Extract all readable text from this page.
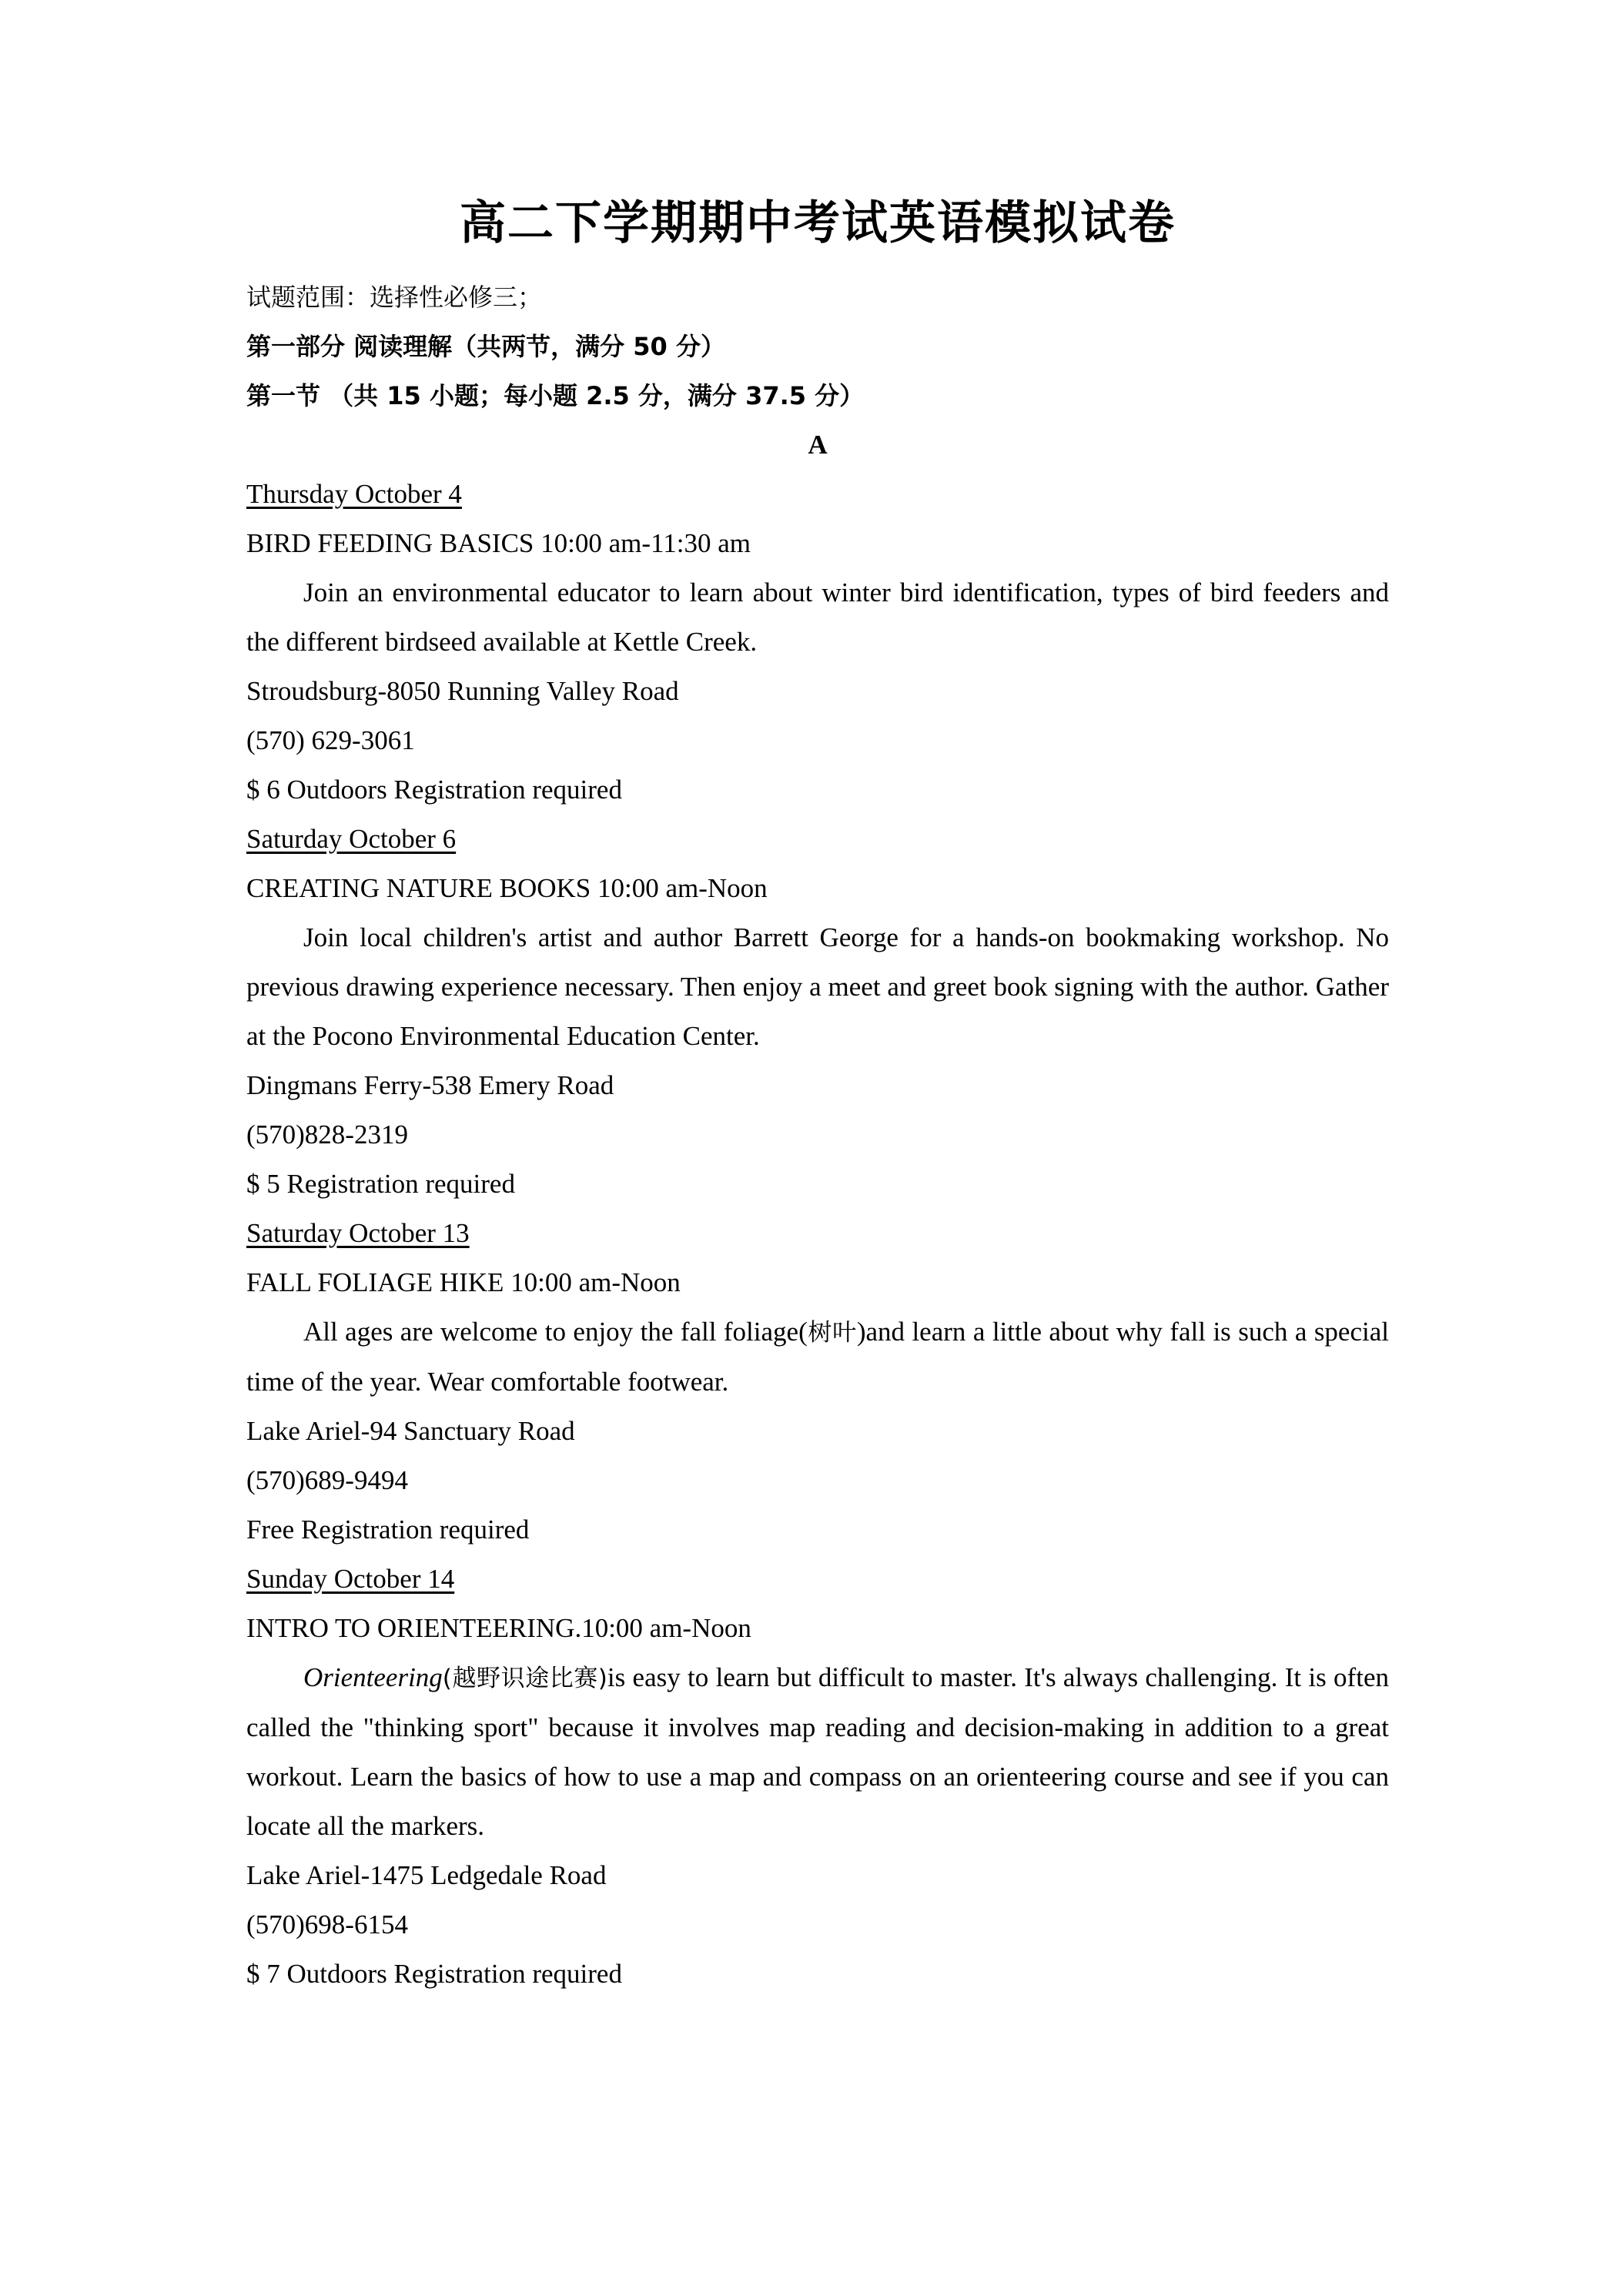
高二下学期期中考试英语模拟试卷

试题范围：选择性必修三；

第一部分 阅读理解（共两节，满分 50 分）

第一节 （共 15 小题；每小题 2.5 分，满分 37.5 分）

A

Thursday October 4

BIRD FEEDING BASICS 10:00 am-11:30 am

Join an environmental educator to learn about winter bird identification, types of bird feeders and the different birdseed available at Kettle Creek.

Stroudsburg-8050 Running Valley Road

(570) 629-3061

$ 6 Outdoors Registration required

Saturday October 6

CREATING NATURE BOOKS 10:00 am-Noon

Join local children's artist and author Barrett George for a hands-on bookmaking workshop. No previous drawing experience necessary. Then enjoy a meet and greet book signing with the author. Gather at the Pocono Environmental Education Center.

Dingmans Ferry-538 Emery Road

(570)828-2319

$ 5 Registration required

Saturday October 13

FALL FOLIAGE HIKE 10:00 am-Noon

All ages are welcome to enjoy the fall foliage(树叶)and learn a little about why fall is such a special time of the year. Wear comfortable footwear.

Lake Ariel-94 Sanctuary Road

(570)689-9494

Free Registration required

Sunday October 14

INTRO TO ORIENTEERING.10:00 am-Noon

Orienteering(越野识途比赛)is easy to learn but difficult to master. It's always challenging. It is often called the "thinking sport" because it involves map reading and decision-making in addition to a great workout. Learn the basics of how to use a map and compass on an orienteering course and see if you can locate all the markers.

Lake Ariel-1475 Ledgedale Road

(570)698-6154

$ 7 Outdoors Registration required
